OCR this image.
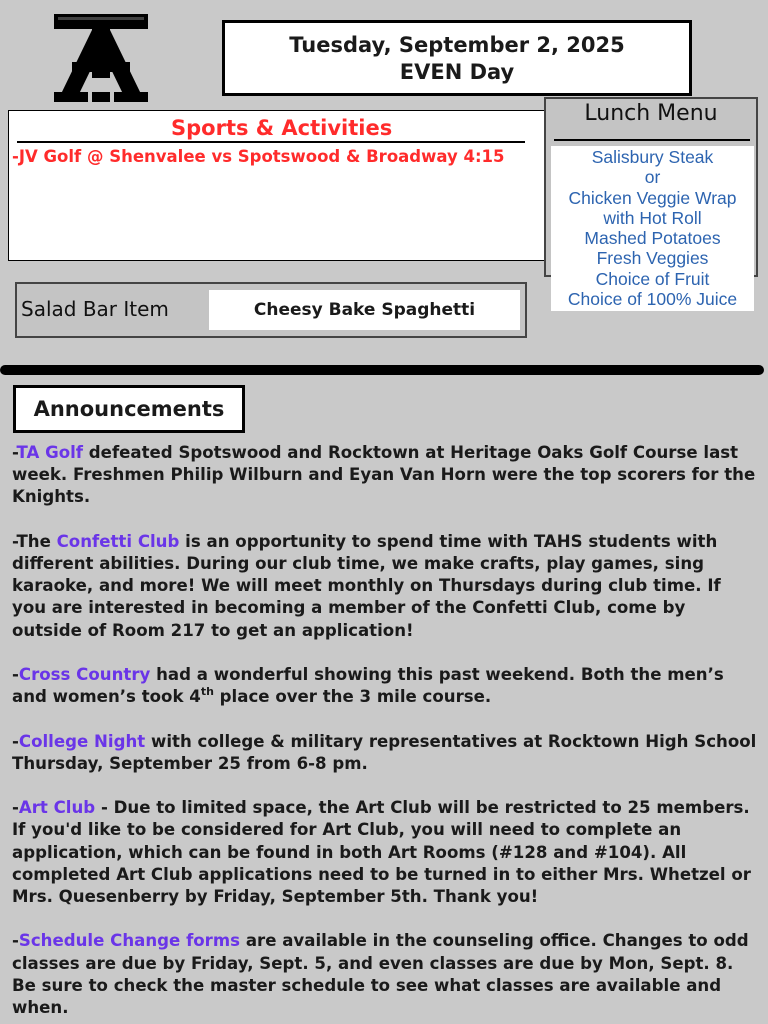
Tuesday, September 2, 2025
EVEN Day
Sports & Activities
-JV Golf @ Shenvalee vs Spotswood & Broadway 4:15
Lunch Menu
Salisbury Steak
or
Chicken Veggie Wrap
with Hot Roll
Mashed Potatoes
Fresh Veggies
Choice of Fruit
Choice of 100% Juice
Salad Bar Item	Cheesy Bake Spaghetti
Announcements

-TA Golf defeated Spotswood and Rocktown at Heritage Oaks Golf Course last week. Freshmen Philip Wilburn and Eyan Van Horn were the top scorers for the Knights.

-The Confetti Club is an opportunity to spend time with TAHS students with different abilities. During our club time, we make crafts, play games, sing karaoke, and more! We will meet monthly on Thursdays during club time. If you are interested in becoming a member of the Confetti Club, come by outside of Room 217 to get an application!

-Cross Country had a wonderful showing this past weekend. Both the men’s and women’s took 4th place over the 3 mile course.

-College Night with college & military representatives at Rocktown High School Thursday, September 25 from 6-8 pm.

-Art Club - Due to limited space, the Art Club will be restricted to 25 members. If you'd like to be considered for Art Club, you will need to complete an application, which can be found in both Art Rooms (#128 and #104). All completed Art Club applications need to be turned in to either Mrs. Whetzel or Mrs. Quesenberry by Friday, September 5th. Thank you!

-Schedule Change forms are available in the counseling office. Changes to odd classes are due by Friday, Sept. 5, and even classes are due by Mon, Sept. 8. Be sure to check the master schedule to see what classes are available and when.
